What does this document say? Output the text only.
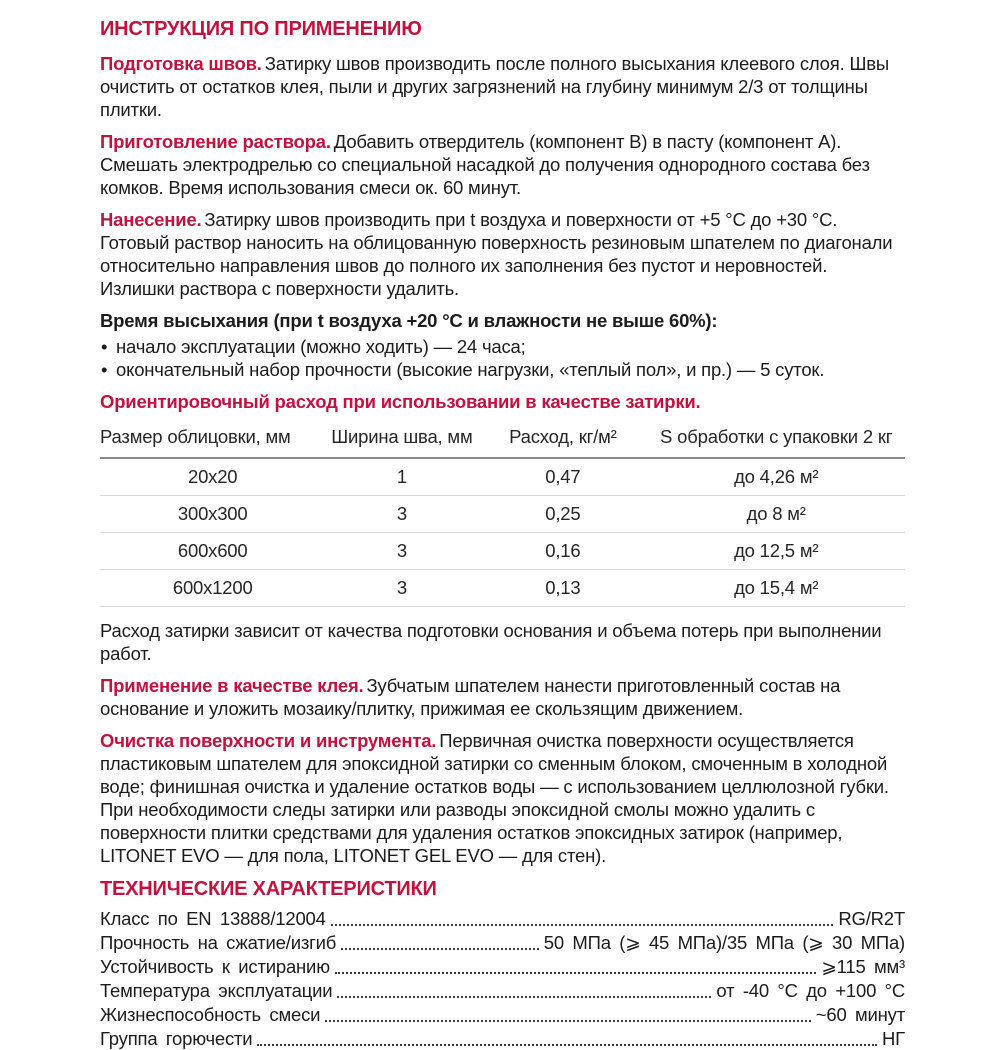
ИНСТРУКЦИЯ ПО ПРИМЕНЕНИЮ

Подготовка швов. Затирку швов производить после полного высыхания клеевого слоя. Швы очистить от остатков клея, пыли и других загрязнений на глубину минимум 2/3 от толщины плитки.

Приготовление раствора. Добавить отвердитель (компонент B) в пасту (компонент A). Смешать электродрелью со специальной насадкой до получения однородного состава без комков. Время использования смеси ок. 60 минут.

Нанесение. Затирку швов производить при t воздуха и поверхности от +5 °C до +30 °C. Готовый раствор наносить на облицованную поверхность резиновым шпателем по диагонали относительно направления швов до полного их заполнения без пустот и неровностей. Излишки раствора с поверхности удалить.

Время высыхания (при t воздуха +20 °C и влажности не выше 60%):
• начало эксплуатации (можно ходить) — 24 часа;
• окончательный набор прочности (высокие нагрузки, «теплый пол», и пр.) — 5 суток.
Ориентировочный расход при использовании в качестве затирки.
Размер облицовки, мм	Ширина шва, мм	Расход, кг/м²	S обработки с упаковки 2 кг
20x20	1	0,47	до 4,26 м²
300x300	3	0,25	до 8 м²
600x600	3	0,16	до 12,5 м²
600x1200	3	0,13	до 15,4 м²

Расход затирки зависит от качества подготовки основания и объема потерь при выполнении работ.

Применение в качестве клея. Зубчатым шпателем нанести приготовленный состав на основание и уложить мозаику/плитку, прижимая ее скользящим движением.

Очистка поверхности и инструмента. Первичная очистка поверхности осуществляется пластиковым шпателем для эпоксидной затирки со сменным блоком, смоченным в холодной воде; финишная очистка и удаление остатков воды — с использованием целлюлозной губки. При необходимости следы затирки или разводы эпоксидной смолы можно удалить с поверхности плитки средствами для удаления остатков эпоксидных затирок (например, LITONET EVO — для пола, LITONET GEL EVO — для стен).

ТЕХНИЧЕСКИЕ ХАРАКТЕРИСТИКИ
Класс по EN 13888/12004	RG/R2T
Прочность на сжатие/изгиб	50 МПа (⩾ 45 МПа)/35 МПа (⩾ 30 МПа)
Устойчивость к истиранию	⩾115 мм³
Температура эксплуатации	от -40 °C до +100 °C
Жизнеспособность смеси	~60 минут
Группа горючести	НГ
